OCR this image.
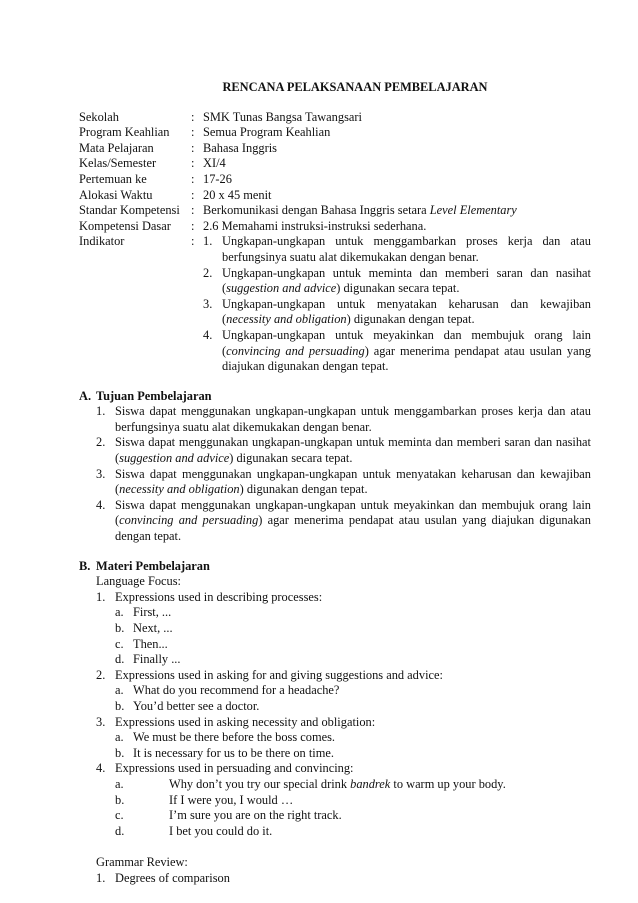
RENCANA PELAKSANAAN PEMBELAJARAN
Sekolah	: SMK Tunas Bangsa Tawangsari
Program Keahlian	: Semua Program Keahlian
Mata Pelajaran	: Bahasa Inggris
Kelas/Semester	: XI/4
Pertemuan ke	: 17-26
Alokasi Waktu	: 20 x 45 menit
Standar Kompetensi : Berkomunikasi dengan Bahasa Inggris setara Level Elementary
Kompetensi Dasar	: 2.6 Memahami instruksi-instruksi sederhana.
Indikator	: 1. Ungkapan-ungkapan untuk menggambarkan proses kerja dan atau berfungsinya suatu alat dikemukakan dengan benar.
2. Ungkapan-ungkapan untuk meminta dan memberi saran dan nasihat (suggestion and advice) digunakan secara tepat.
3. Ungkapan-ungkapan untuk menyatakan keharusan dan kewajiban (necessity and obligation) digunakan dengan tepat.
4. Ungkapan-ungkapan untuk meyakinkan dan membujuk orang lain (convincing and persuading) agar menerima pendapat atau usulan yang diajukan digunakan dengan tepat.
A. Tujuan Pembelajaran
1. Siswa dapat menggunakan ungkapan-ungkapan untuk menggambarkan proses kerja dan atau berfungsinya suatu alat dikemukakan dengan benar.
2. Siswa dapat menggunakan ungkapan-ungkapan untuk meminta dan memberi saran dan nasihat (suggestion and advice) digunakan secara tepat.
3. Siswa dapat menggunakan ungkapan-ungkapan untuk menyatakan keharusan dan kewajiban (necessity and obligation) digunakan dengan tepat.
4. Siswa dapat menggunakan ungkapan-ungkapan untuk meyakinkan dan membujuk orang lain (convincing and persuading) agar menerima pendapat atau usulan yang diajukan digunakan dengan tepat.
B. Materi Pembelajaran
Language Focus:
1. Expressions used in describing processes:
a. First, ...
b. Next, ...
c. Then...
d. Finally ...
2. Expressions used in asking for and giving suggestions and advice:
a. What do you recommend for a headache?
b. You’d better see a doctor.
3. Expressions used in asking necessity and obligation:
a. We must be there before the boss comes.
b. It is necessary for us to be there on time.
4. Expressions used in persuading and convincing:
a.	Why don’t you try our special drink bandrek to warm up your body.
b.	If I were you, I would …
c.	I’m sure you are on the right track.
d.	I bet you could do it.
Grammar Review:
1. Degrees of comparison
